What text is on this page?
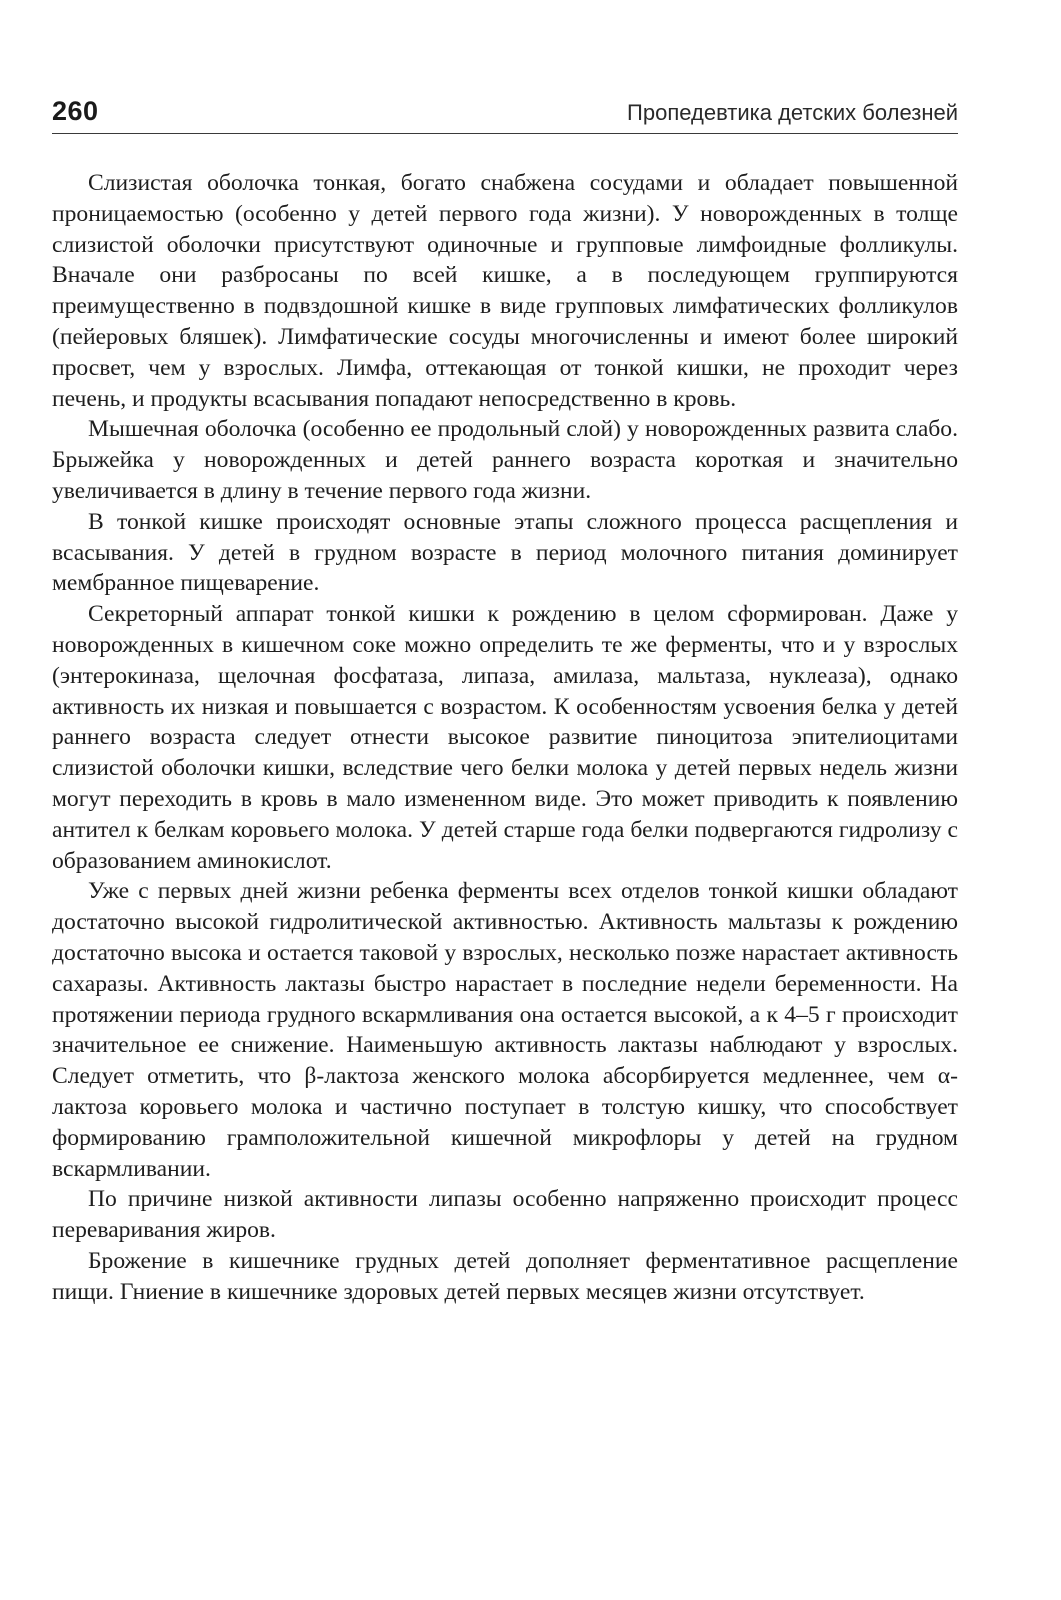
260	Пропедевтика детских болезней

Слизистая оболочка тонкая, богато снабжена сосудами и обладает повышенной проницаемостью (особенно у детей первого года жизни). У новорожденных в толще слизистой оболочки присутствуют одиночные и групповые лимфоидные фолликулы. Вначале они разбросаны по всей кишке, а в последующем группируются преимущественно в подвздошной кишке в виде групповых лимфатических фолликулов (пейеровых бляшек). Лимфатические сосуды многочисленны и имеют более широкий просвет, чем у взрослых. Лимфа, оттекающая от тонкой кишки, не проходит через печень, и продукты всасывания попадают непосредственно в кровь.

Мышечная оболочка (особенно ее продольный слой) у новорожденных развита слабо. Брыжейка у новорожденных и детей раннего возраста короткая и значительно увеличивается в длину в течение первого года жизни.

В тонкой кишке происходят основные этапы сложного процесса расщепления и всасывания. У детей в грудном возрасте в период молочного питания доминирует мембранное пищеварение.

Секреторный аппарат тонкой кишки к рождению в целом сформирован. Даже у новорожденных в кишечном соке можно определить те же ферменты, что и у взрослых (энтерокиназа, щелочная фосфатаза, липаза, амилаза, мальтаза, нуклеаза), однако активность их низкая и повышается с возрастом. К особенностям усвоения белка у детей раннего возраста следует отнести высокое развитие пиноцитоза эпителиоцитами слизистой оболочки кишки, вследствие чего белки молока у детей первых недель жизни могут переходить в кровь в мало измененном виде. Это может приводить к появлению антител к белкам коровьего молока. У детей старше года белки подвергаются гидролизу с образованием аминокислот.

Уже с первых дней жизни ребенка ферменты всех отделов тонкой кишки обладают достаточно высокой гидролитической активностью. Активность мальтазы к рождению достаточно высока и остается таковой у взрослых, несколько позже нарастает активность сахаразы. Активность лактазы быстро нарастает в последние недели беременности. На протяжении периода грудного вскармливания она остается высокой, а к 4–5 г происходит значительное ее снижение. Наименьшую активность лактазы наблюдают у взрослых. Следует отметить, что β-лактоза женского молока абсорбируется медленнее, чем α-лактоза коровьего молока и частично поступает в толстую кишку, что способствует формированию грамположительной кишечной микрофлоры у детей на грудном вскармливании.

По причине низкой активности липазы особенно напряженно происходит процесс переваривания жиров.

Брожение в кишечнике грудных детей дополняет ферментативное расщепление пищи. Гниение в кишечнике здоровых детей первых месяцев жизни отсутствует.
